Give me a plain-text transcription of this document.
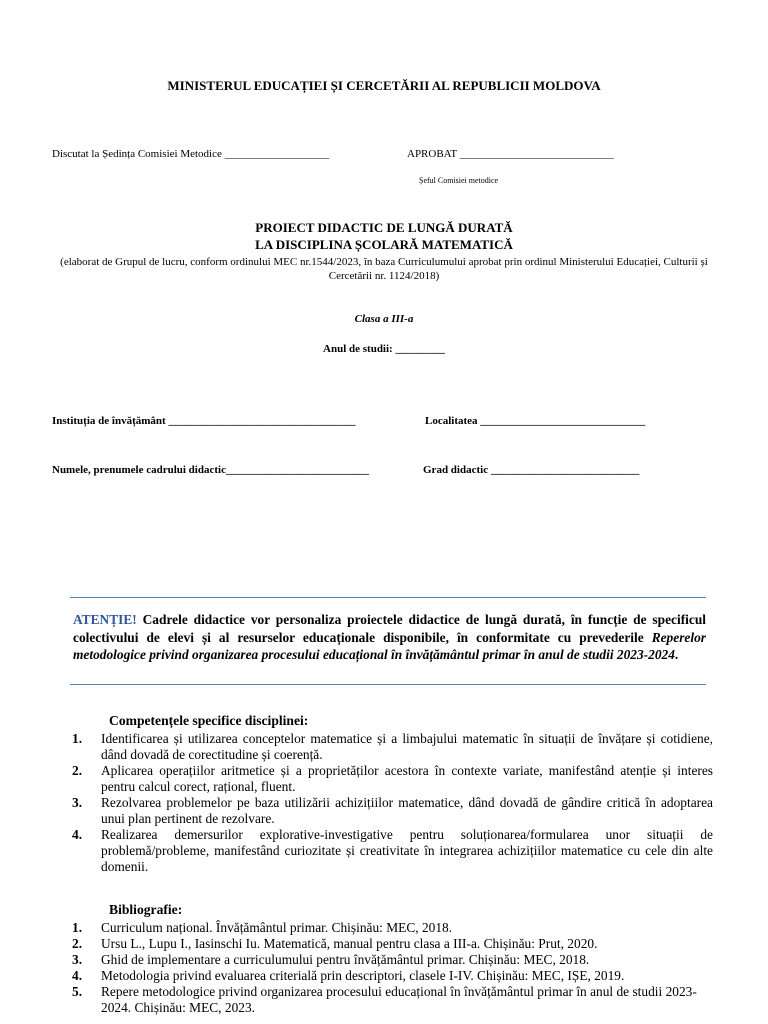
MINISTERUL EDUCAȚIEI ȘI CERCETĂRII AL REPUBLICII MOLDOVA
Discutat la Ședința Comisiei Metodice ___________________	APROBAT ____________________________
Șeful Comisiei metodice
PROIECT DIDACTIC DE LUNGĂ DURATĂ
LA DISCIPLINA ȘCOLARĂ MATEMATICĂ
(elaborat de Grupul de lucru, conform ordinului MEC nr.1544/2023, în baza Curriculumului aprobat prin ordinul Ministerului Educației, Culturii și Cercetării nr. 1124/2018)
Clasa a III-a
Anul de studii: _________
Instituția de învățământ __________________________________	Localitatea ______________________________
Numele, prenumele cadrului didactic__________________________	Grad didactic ___________________________
ATENȚIE! Cadrele didactice vor personaliza proiectele didactice de lungă durată, în funcție de specificul colectivului de elevi și al resurselor educaționale disponibile, în conformitate cu prevederile Reperelor metodologice privind organizarea procesului educațional în învățământul primar în anul de studii 2023-2024.
Competențele specifice disciplinei:
1. Identificarea și utilizarea conceptelor matematice și a limbajului matematic în situații de învățare și cotidiene, dând dovadă de corectitudine și coerență.
2. Aplicarea operațiilor aritmetice și a proprietăților acestora în contexte variate, manifestând atenție și interes pentru calcul corect, rațional, fluent.
3. Rezolvarea problemelor pe baza utilizării achizițiilor matematice, dând dovadă de gândire critică în adoptarea unui plan pertinent de rezolvare.
4. Realizarea demersurilor explorative-investigative pentru soluționarea/formularea unor situații de problemă/probleme, manifestând curiozitate și creativitate în integrarea achizițiilor matematice cu cele din alte domenii.
Bibliografie:
1. Curriculum național. Învățământul primar. Chișinău: MEC, 2018.
2. Ursu L., Lupu I., Iasinschi Iu. Matematică, manual pentru clasa a III-a. Chișinău: Prut, 2020.
3. Ghid de implementare a curriculumului pentru învățământul primar. Chișinău: MEC, 2018.
4. Metodologia privind evaluarea criterială prin descriptori, clasele I-IV. Chișinău: MEC, IȘE, 2019.
5. Repere metodologice privind organizarea procesului educațional în învățământul primar în anul de studii 2023-2024. Chișinău: MEC, 2023.
